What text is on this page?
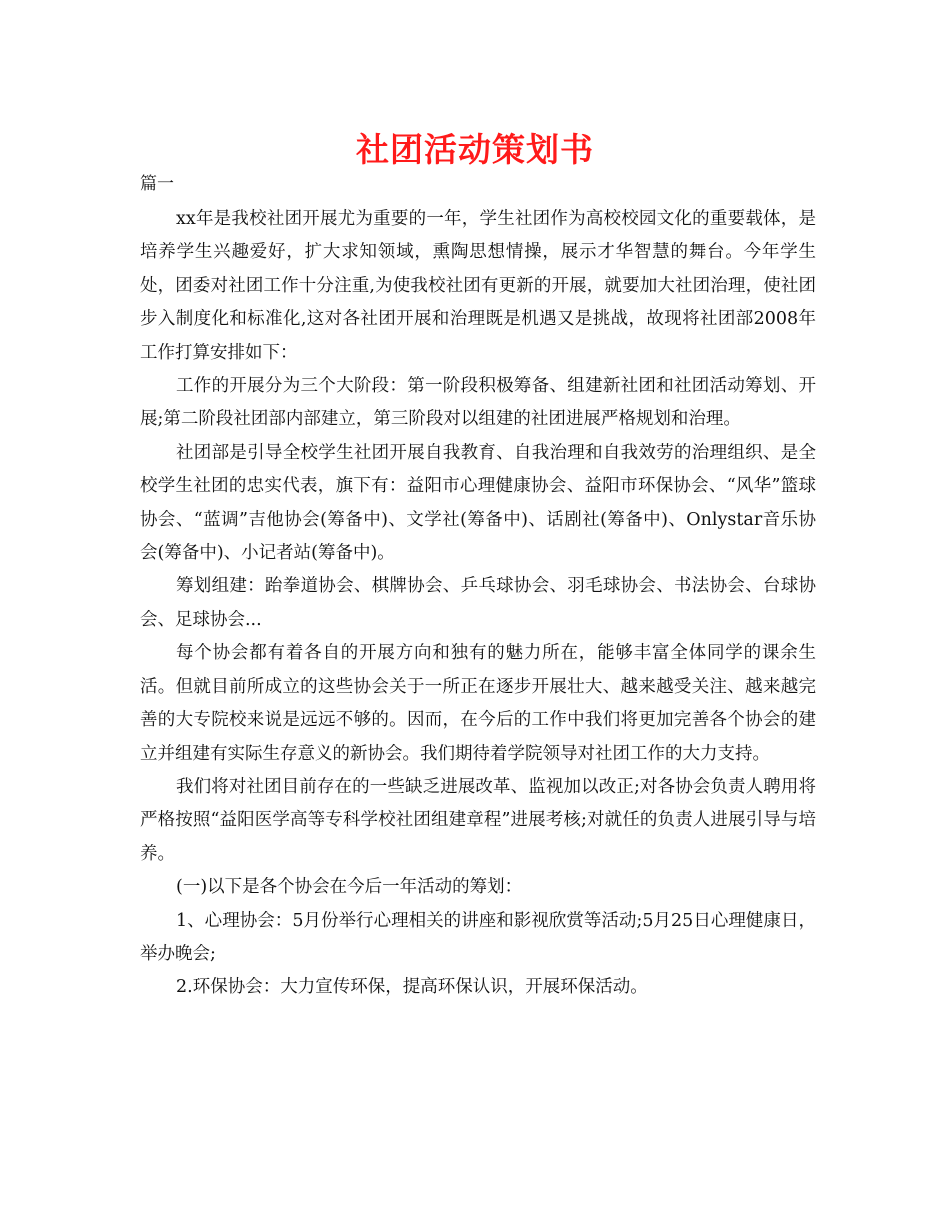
社团活动策划书
篇一

xx年是我校社团开展尤为重要的一年，学生社团作为高校校园文化的重要载体，是培养学生兴趣爱好，扩大求知领域，熏陶思想情操，展示才华智慧的舞台。今年学生处，团委对社团工作十分注重,为使我校社团有更新的开展，就要加大社团治理，使社团步入制度化和标准化,这对各社团开展和治理既是机遇又是挑战，故现将社团部2008年工作打算安排如下：

工作的开展分为三个大阶段：第一阶段积极筹备、组建新社团和社团活动筹划、开展;第二阶段社团部内部建立，第三阶段对以组建的社团进展严格规划和治理。

社团部是引导全校学生社团开展自我教育、自我治理和自我效劳的治理组织、是全校学生社团的忠实代表，旗下有：益阳市心理健康协会、益阳市环保协会、“风华”篮球协会、“蓝调”吉他协会(筹备中)、文学社(筹备中)、话剧社(筹备中)、Onlystar音乐协会(筹备中)、小记者站(筹备中)。

筹划组建：跆拳道协会、棋牌协会、乒乓球协会、羽毛球协会、书法协会、台球协会、足球协会...

每个协会都有着各自的开展方向和独有的魅力所在，能够丰富全体同学的课余生活。但就目前所成立的这些协会关于一所正在逐步开展壮大、越来越受关注、越来越完善的大专院校来说是远远不够的。因而，在今后的工作中我们将更加完善各个协会的建立并组建有实际生存意义的新协会。我们期待着学院领导对社团工作的大力支持。

我们将对社团目前存在的一些缺乏进展改革、监视加以改正;对各协会负责人聘用将严格按照“益阳医学高等专科学校社团组建章程”进展考核;对就任的负责人进展引导与培养。

(一)以下是各个协会在今后一年活动的筹划：

1、心理协会：5月份举行心理相关的讲座和影视欣赏等活动;5月25日心理健康日，举办晚会;

2.环保协会：大力宣传环保，提高环保认识，开展环保活动。
